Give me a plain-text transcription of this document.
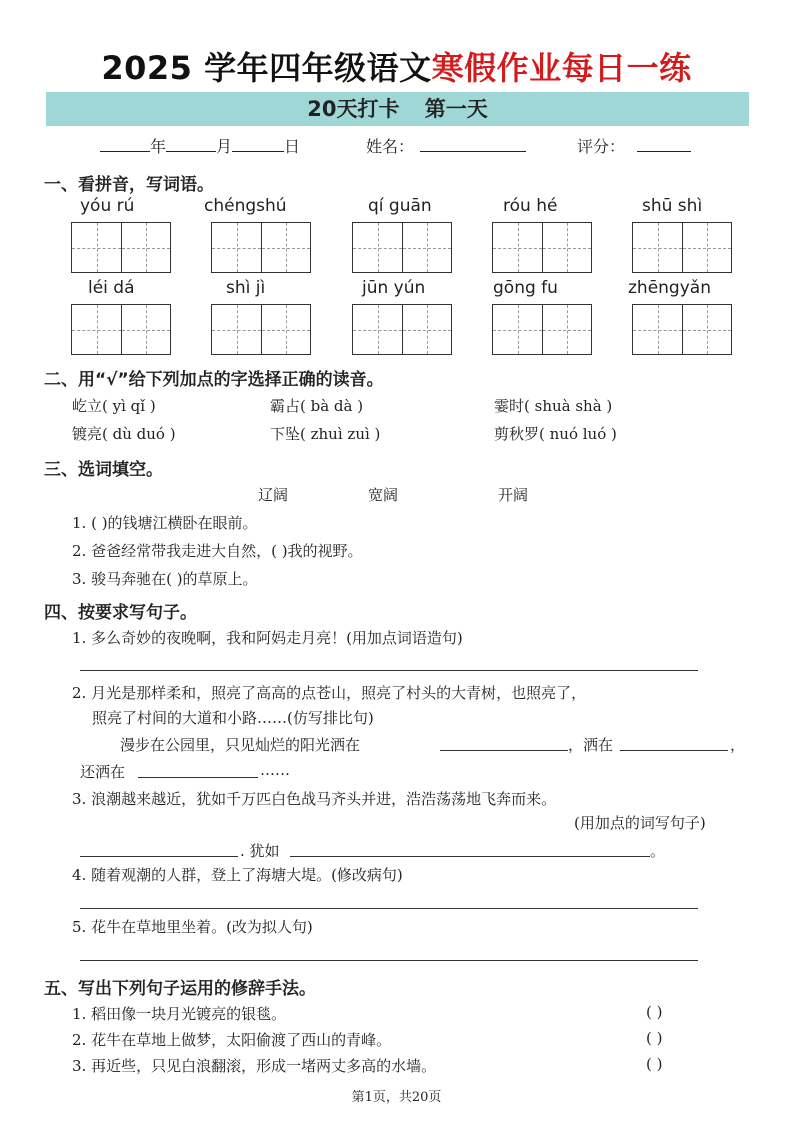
2025 学年四年级语文寒假作业每日一练
20天打卡 第一天
年	月	日	姓名：	评分：
一、看拼音，写词语。
yóu rú	chéngshú	qí guān	róu hé	shū shì
léi dá	shì jì	jūn yún	gōng fu	zhēngyǎn
二、用“√”给下列加点的字选择正确的读音。
屹立( yì qǐ )	霸占( bà dà )	霎时( shuà shà )
镀亮( dù duó )	下坠( zhuì zuì )	剪秋罗( nuó luó )
三、选词填空。
辽阔	宽阔	开阔
1. ( )的钱塘江横卧在眼前。
2. 爸爸经常带我走进大自然，( )我的视野。
3. 骏马奔驰在( )的草原上。
四、按要求写句子。
1. 多么奇妙的夜晚啊，我和阿妈走月亮！(用加点词语造句)
2. 月光是那样柔和，照亮了高高的点苍山，照亮了村头的大青树，也照亮了，
照亮了村间的大道和小路……(仿写排比句)
漫步在公园里，只见灿烂的阳光洒在	，洒在	，
还洒在	……
3. 浪潮越来越近，犹如千万匹白色战马齐头并进，浩浩荡荡地飞奔而来。
(用加点的词写句子)
. 犹如	。
4. 随着观潮的人群，登上了海塘大堤。(修改病句)
5. 花牛在草地里坐着。(改为拟人句)
五、写出下列句子运用的修辞手法。
1. 稻田像一块月光镀亮的银毯。	( )
2. 花牛在草地上做梦，太阳偷渡了西山的青峰。	( )
3. 再近些，只见白浪翻滚，形成一堵两丈多高的水墙。	( )
第1页，共20页
